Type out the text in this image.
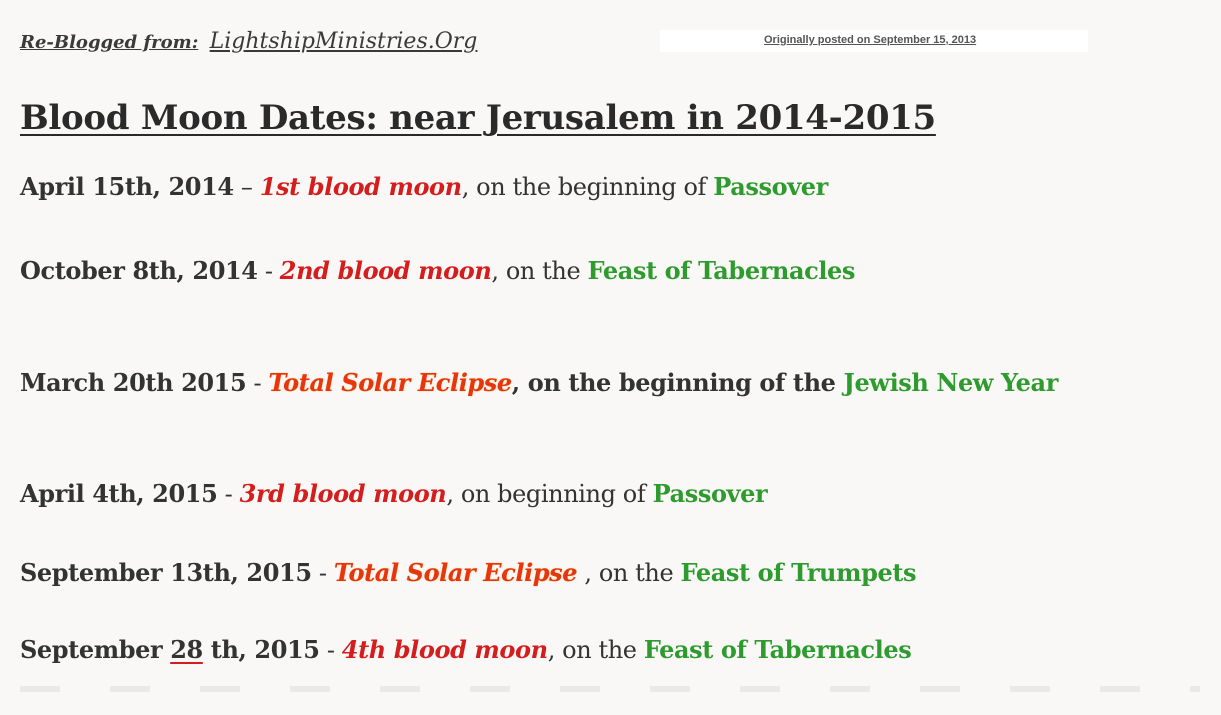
Re-Blogged from: LightshipMinistries.Org	Originally posted on September 15, 2013
Blood Moon Dates: near Jerusalem in 2014-2015
April 15th, 2014 – 1st blood moon, on the beginning of Passover
October 8th, 2014 - 2nd blood moon, on the Feast of Tabernacles
March 20th 2015 - Total Solar Eclipse, on the beginning of the Jewish New Year
April 4th, 2015 - 3rd blood moon, on beginning of Passover
September 13th, 2015 - Total Solar Eclipse , on the Feast of Trumpets
September 28 th, 2015 - 4th blood moon, on the Feast of Tabernacles
